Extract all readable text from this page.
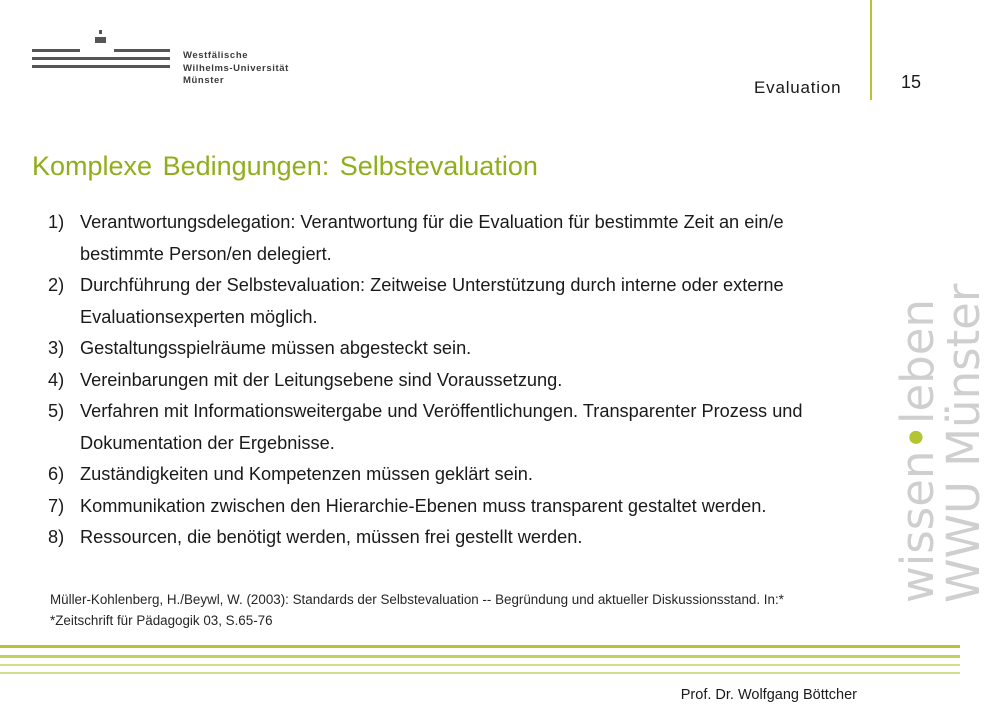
Westfälische
Wilhelms-Universität
Münster	Evaluation	15
Komplexe Bedingungen: Selbstevaluation
1) Verantwortungsdelegation: Verantwortung für die Evaluation für bestimmte Zeit an ein/e bestimmte Person/en delegiert.
2) Durchführung der Selbstevaluation: Zeitweise Unterstützung durch interne oder externe Evaluationsexperten möglich.
3) Gestaltungsspielräume müssen abgesteckt sein.
4) Vereinbarungen mit der Leitungsebene sind Voraussetzung.
5) Verfahren mit Informationsweitergabe und Veröffentlichungen. Transparenter Prozess und Dokumentation der Ergebnisse.
6) Zuständigkeiten und Kompetenzen müssen geklärt sein.
7) Kommunikation zwischen den Hierarchie-Ebenen muss transparent gestaltet werden.
8) Ressourcen, die benötigt werden, müssen frei gestellt werden.
Müller-Kohlenberg, H./Beywl, W. (2003): Standards der Selbstevaluation -- Begründung und aktueller Diskussionsstand. In:* *Zeitschrift für Pädagogik 03, S.65-76
wissen•leben
WWU Münster
Prof. Dr. Wolfgang Böttcher
